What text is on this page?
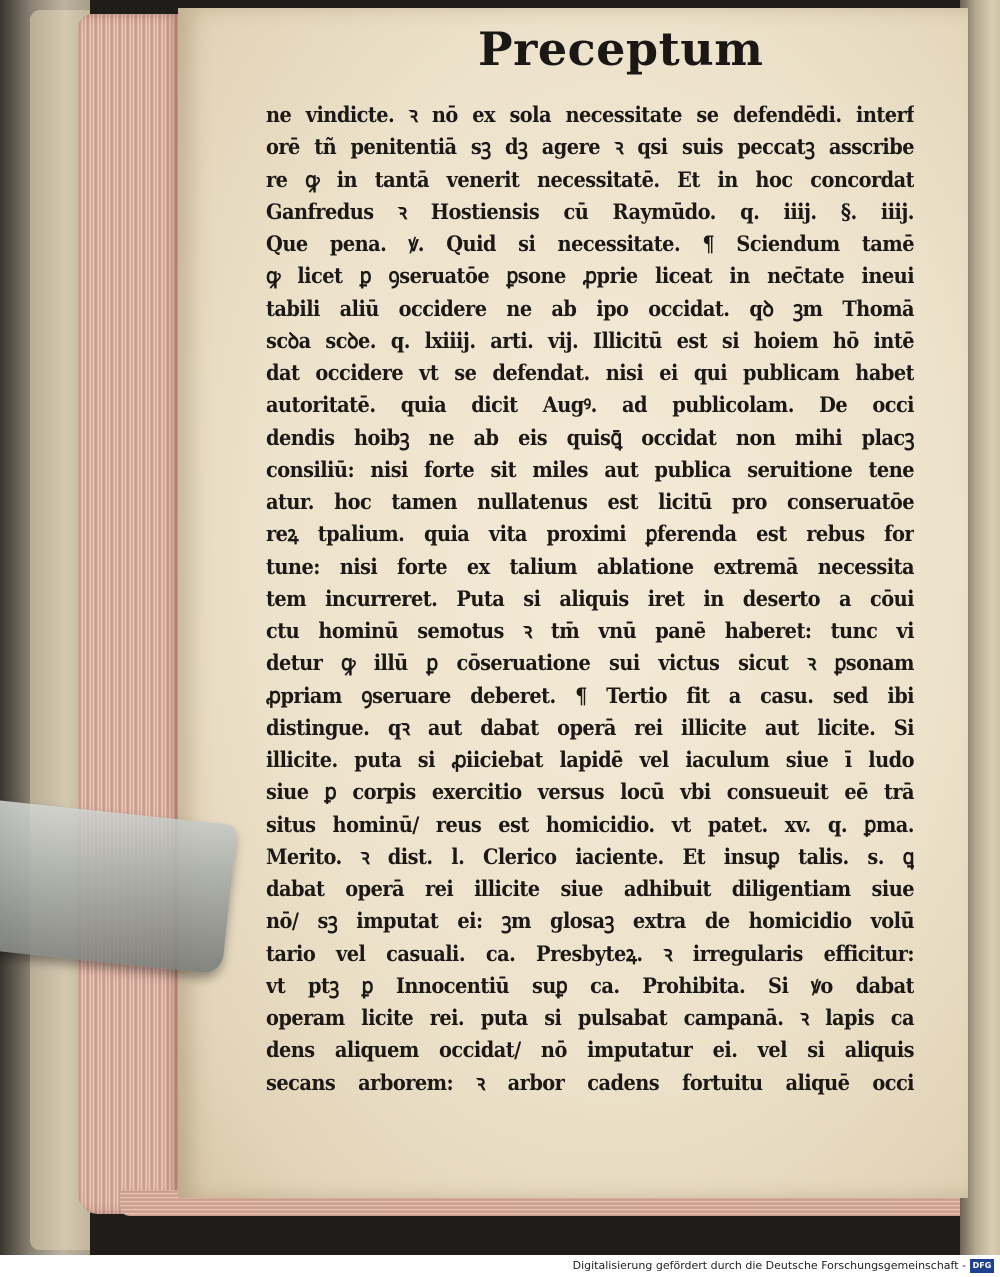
Preceptum
ne vindicte. ꝛ nō ex sola necessitate se defendēdi. interf
orē tñ penitentiā sꝫ dꝫ agere ꝛ qsi suis peccatꝫ asscribe
re ꝙ in tantā venerit necessitatē. Et in hoc concordat
Ganfredus ꝛ Hostiensis cū Raymūdo. q. iiij. §. iiij.
Que pena. ꝟ. Quid si necessitate. ¶ Sciendum tamē
ꝙ licet ꝑ ꝯseruatōe ꝑsone ꝓprie liceat in nec̄tate ineui
tabili aliū occidere ne ab ipo occidat. qꝺ ꝫm Thomā
scꝺa scꝺe. q. lxiiij. arti. vij. Illicitū est si hoiem hō intē
dat occidere vt se defendat. nisi ei qui publicam habet
autoritatē. quia dicit Augꝰ. ad publicolam. De occi
dendis hoibꝫ ne ab eis quisꝗ̄ occidat non mihi placꝫ
consiliū: nisi forte sit miles aut publica seruitione tene
atur. hoc tamen nullatenus est licitū pro conseruatōe
reꝝ tpalium. quia vita proximi ꝑferenda est rebus for
tune: nisi forte ex talium ablatione extremā necessita
tem incurreret. Puta si aliquis iret in deserto a cōui
ctu hominū semotus ꝛ tm̄ vnū panē haberet: tunc vi
detur ꝙ illū ꝑ cōseruatione sui victus sicut ꝛ ꝑsonam
ꝓpriam ꝯseruare deberet. ¶ Tertio fit a casu. sed ibi
distingue. qꝛ aut dabat operā rei illicite aut licite. Si
illicite. puta si ꝓiiciebat lapidē vel iaculum siue ī ludo
siue ꝑ corpis exercitio versus locū vbi consueuit eē trā
situs hominū/ reus est homicidio. vt patet. xv. q. ꝑma.
Merito. ꝛ dist. l. Clerico iaciente. Et insuꝑ talis. s. ꝗ
dabat operā rei illicite siue adhibuit diligentiam siue
nō/ sꝫ imputat ei: ꝫm glosaꝫ extra de homicidio volū
tario vel casuali. ca. Presbyteꝝ. ꝛ irregularis efficitur:
vt ptꝫ ꝑ Innocentiū suꝑ ca. Prohibita. Si ꝟo dabat
operam licite rei. puta si pulsabat campanā. ꝛ lapis ca
dens aliquem occidat/ nō imputatur ei. vel si aliquis
secans arborem: ꝛ arbor cadens fortuitu aliquē occi
Digitalisierung gefördert durch die Deutsche Forschungsgemeinschaft - DFG
